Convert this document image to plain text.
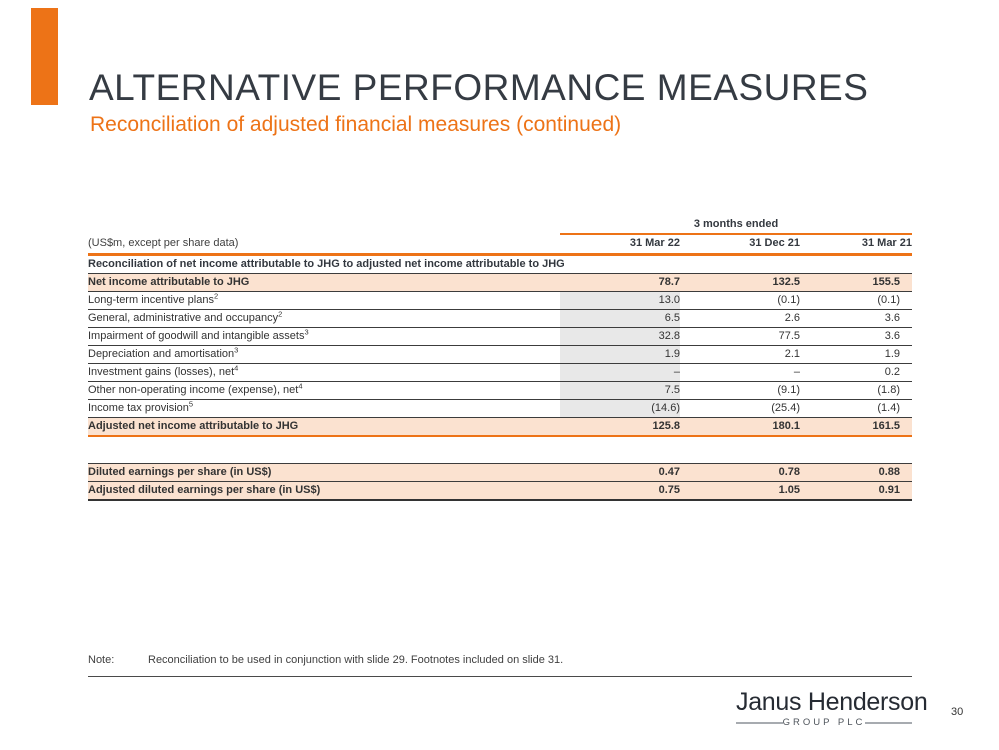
ALTERNATIVE PERFORMANCE MEASURES
Reconciliation of adjusted financial measures (continued)
	3 months ended		
(US$m, except per share data)	31 Mar 22	31 Dec 21	31 Mar 21
Reconciliation of net income attributable to JHG to adjusted net income attributable to JHG			
Net income attributable to JHG	78.7	132.5	155.5
Long-term incentive plans$^2$	13.0	(0.1)	(0.1)
General, administrative and occupancy$^2$	6.5	2.6	3.6
Impairment of goodwill and intangible assets$^3$	32.8	77.5	3.6
Depreciation and amortisation$^3$	1.9	2.1	1.9
Investment gains (losses), net$^4$	–	–	0.2
Other non-operating income (expense), net$^4$	7.5	(9.1)	(1.8)
Income tax provision$^5$	(14.6)	(25.4)	(1.4)
Adjusted net income attributable to JHG	125.8	180.1	161.5

Diluted earnings per share (in US$)	0.47	0.78	0.88
Adjusted diluted earnings per share (in US$)	0.75	1.05	0.91
Note:	Reconciliation to be used in conjunction with slide 29. Footnotes included on slide 31.
Janus Henderson
GROUP PLC
30
